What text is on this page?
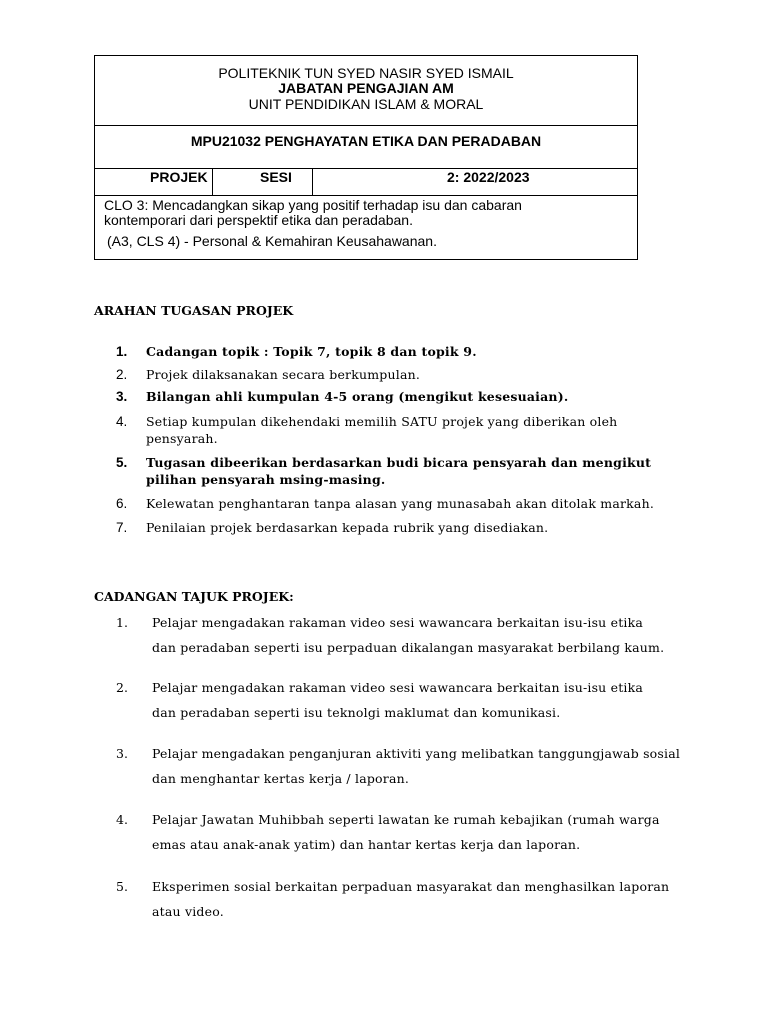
POLITEKNIK TUN SYED NASIR SYED ISMAIL
JABATAN PENGAJIAN AM
UNIT PENDIDIKAN ISLAM & MORAL
MPU21032 PENGHAYATAN ETIKA DAN PERADABAN
PROJEK	SESI	2: 2022/2023
CLO 3: Mencadangkan sikap yang positif terhadap isu dan cabaran
kontemporari dari perspektif etika dan peradaban.
(A3, CLS 4) - Personal & Kemahiran Keusahawanan.
ARAHAN TUGASAN PROJEK
1. Cadangan topik : Topik 7, topik 8 dan topik 9.
2. Projek dilaksanakan secara berkumpulan.
3. Bilangan ahli kumpulan 4-5 orang (mengikut kesesuaian).
4. Setiap kumpulan dikehendaki memilih SATU projek yang diberikan oleh pensyarah.
5. Tugasan dibeerikan berdasarkan budi bicara pensyarah dan mengikut pilihan pensyarah msing-masing.
6. Kelewatan penghantaran tanpa alasan yang munasabah akan ditolak markah.
7. Penilaian projek berdasarkan kepada rubrik yang disediakan.
CADANGAN TAJUK PROJEK:
1. Pelajar mengadakan rakaman video sesi wawancara berkaitan isu-isu etika
dan peradaban seperti isu perpaduan dikalangan masyarakat berbilang kaum.
2. Pelajar mengadakan rakaman video sesi wawancara berkaitan isu-isu etika
dan peradaban seperti isu teknolgi maklumat dan komunikasi.
3. Pelajar mengadakan penganjuran aktiviti yang melibatkan tanggungjawab sosial
dan menghantar kertas kerja / laporan.
4. Pelajar Jawatan Muhibbah seperti lawatan ke rumah kebajikan (rumah warga
emas atau anak-anak yatim) dan hantar kertas kerja dan laporan.
5. Eksperimen sosial berkaitan perpaduan masyarakat dan menghasilkan laporan
atau video.
